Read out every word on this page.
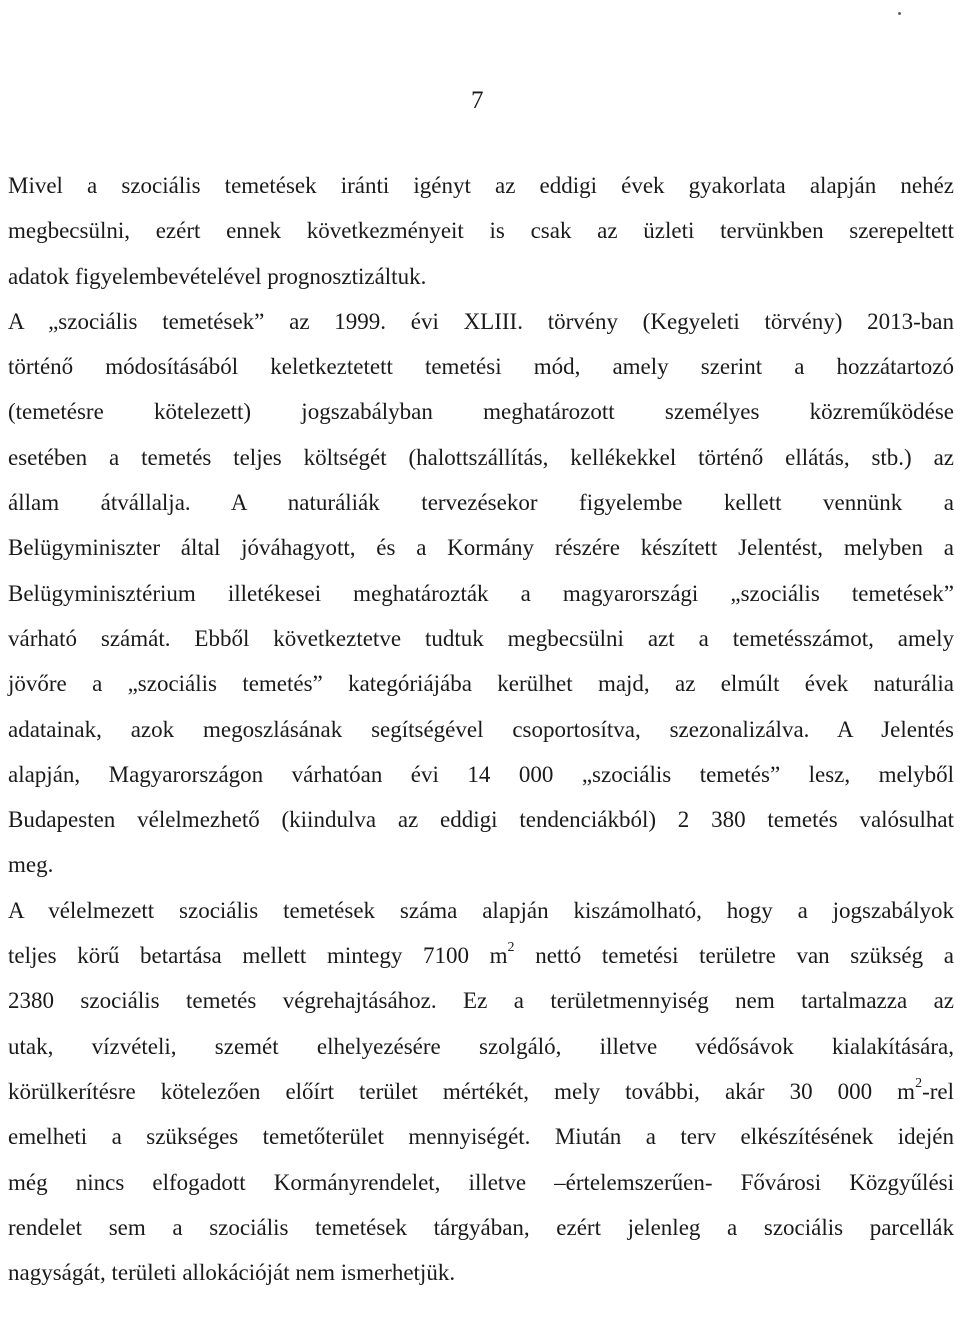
7
Mivel a szociális temetések iránti igényt az eddigi évek gyakorlata alapján nehéz
megbecsülni, ezért ennek következményeit is csak az üzleti tervünkben szerepeltett
adatok figyelembevételével prognosztizáltuk.
A „szociális temetések” az 1999. évi XLIII. törvény (Kegyeleti törvény) 2013-ban
történő módosításából keletkeztetett temetési mód, amely szerint a hozzátartozó
(temetésre kötelezett) jogszabályban meghatározott személyes közreműködése
esetében a temetés teljes költségét (halottszállítás, kellékekkel történő ellátás, stb.) az
állam átvállalja. A naturáliák tervezésekor figyelembe kellett vennünk a
Belügyminiszter által jóváhagyott, és a Kormány részére készített Jelentést, melyben a
Belügyminisztérium illetékesei meghatározták a magyarországi „szociális temetések”
várható számát. Ebből következtetve tudtuk megbecsülni azt a temetésszámot, amely
jövőre a „szociális temetés” kategóriájába kerülhet majd, az elmúlt évek naturália
adatainak, azok megoszlásának segítségével csoportosítva, szezonalizálva. A Jelentés
alapján, Magyarországon várhatóan évi 14 000 „szociális temetés” lesz, melyből
Budapesten vélelmezhető (kiindulva az eddigi tendenciákból) 2 380 temetés valósulhat
meg.
A vélelmezett szociális temetések száma alapján kiszámolható, hogy a jogszabályok
teljes körű betartása mellett mintegy 7100 $m^2$ nettó temetési területre van szükség a
2380 szociális temetés végrehajtásához. Ez a területmennyiség nem tartalmazza az
utak, vízvételi, szemét elhelyezésére szolgáló, illetve védősávok kialakítására,
körülkerítésre kötelezően előírt terület mértékét, mely további, akár 30 000 $m^2$-rel
emelheti a szükséges temetőterület mennyiségét. Miután a terv elkészítésének idején
még nincs elfogadott Kormányrendelet, illetve –értelemszerűen- Fővárosi Közgyűlési
rendelet sem a szociális temetések tárgyában, ezért jelenleg a szociális parcellák
nagyságát, területi allokációját nem ismerhetjük.
